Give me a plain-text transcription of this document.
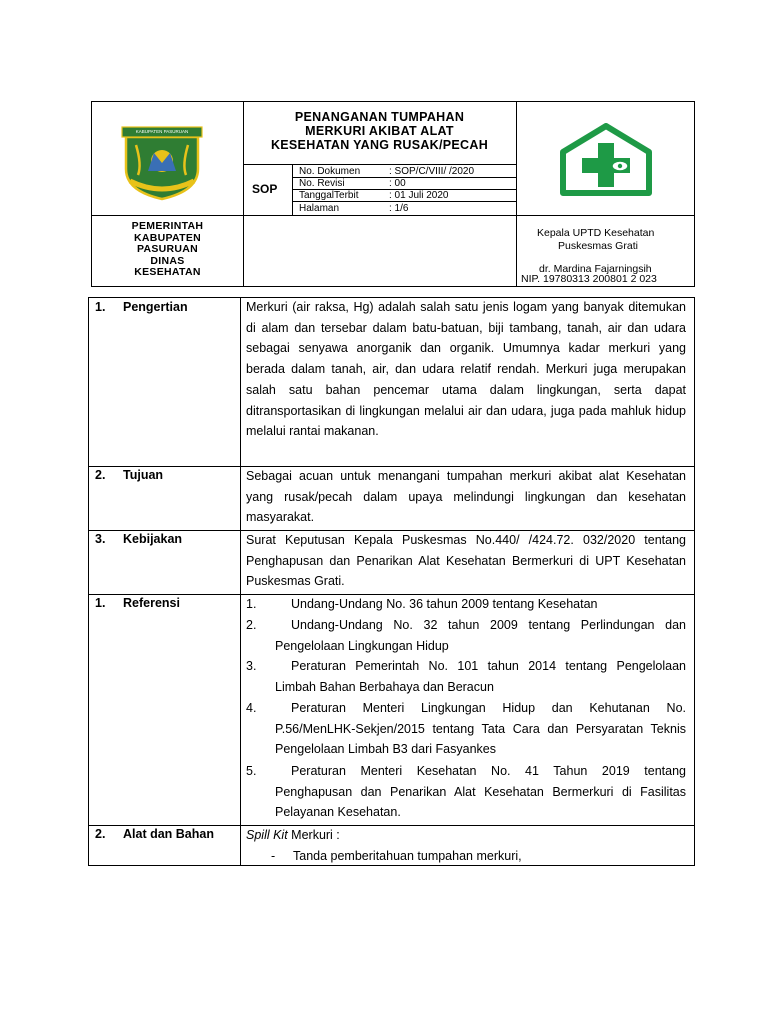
KABUPATEN PASURUAN
PENANGANAN TUMPAHAN
MERKURI AKIBAT ALAT
KESEHATAN YANG RUSAK/PECAH
SOP
No. Dokumen	: SOP/C/VIII/ /2020
No. Revisi	: 00
TanggalTerbit	: 01 Juli 2020
Halaman	: 1/6
PEMERINTAH
KABUPATEN
PASURUAN
DINAS
KESEHATAN
Kepala UPTD Kesehatan
Puskesmas Grati
dr. Mardina Fajarningsih
NIP. 19780313 200801 2 023
1. Pengertian	Merkuri (air raksa, Hg) adalah salah satu jenis logam yang banyak ditemukan di alam dan tersebar dalam batu-batuan, biji tambang, tanah, air dan udara sebagai senyawa anorganik dan organik. Umumnya kadar merkuri yang berada dalam tanah, air, dan udara relatif rendah. Merkuri juga merupakan salah satu bahan pencemar utama dalam lingkungan, serta dapat ditransportasikan di lingkungan melalui air dan udara, juga pada mahluk hidup melalui rantai makanan.

2. Tujuan	Sebagai acuan untuk menangani tumpahan merkuri akibat alat Kesehatan yang rusak/pecah dalam upaya melindungi lingkungan dan kesehatan masyarakat.

3. Kebijakan	Surat Keputusan Kepala Puskesmas No.440/ /424.72. 032/2020 tentang Penghapusan dan Penarikan Alat Kesehatan Bermerkuri di UPT Kesehatan Puskesmas Grati.

1. Referensi	1.	Undang-Undang No. 36 tahun 2009 tentang Kesehatan
2.	Undang-Undang No. 32 tahun 2009 tentang Perlindungan dan Pengelolaan Lingkungan Hidup
3.	Peraturan Pemerintah No. 101 tahun 2014 tentang Pengelolaan Limbah Bahan Berbahaya dan Beracun
4.	Peraturan Menteri Lingkungan Hidup dan Kehutanan No. P.56/MenLHK-Sekjen/2015 tentang Tata Cara dan Persyaratan Teknis Pengelolaan Limbah B3 dari Fasyankes
5.	Peraturan Menteri Kesehatan No. 41 Tahun 2019 tentang Penghapusan dan Penarikan Alat Kesehatan Bermerkuri di Fasilitas Pelayanan Kesehatan.
2. Alat dan Bahan	Spill Kit Merkuri :
- Tanda pemberitahuan tumpahan merkuri,
